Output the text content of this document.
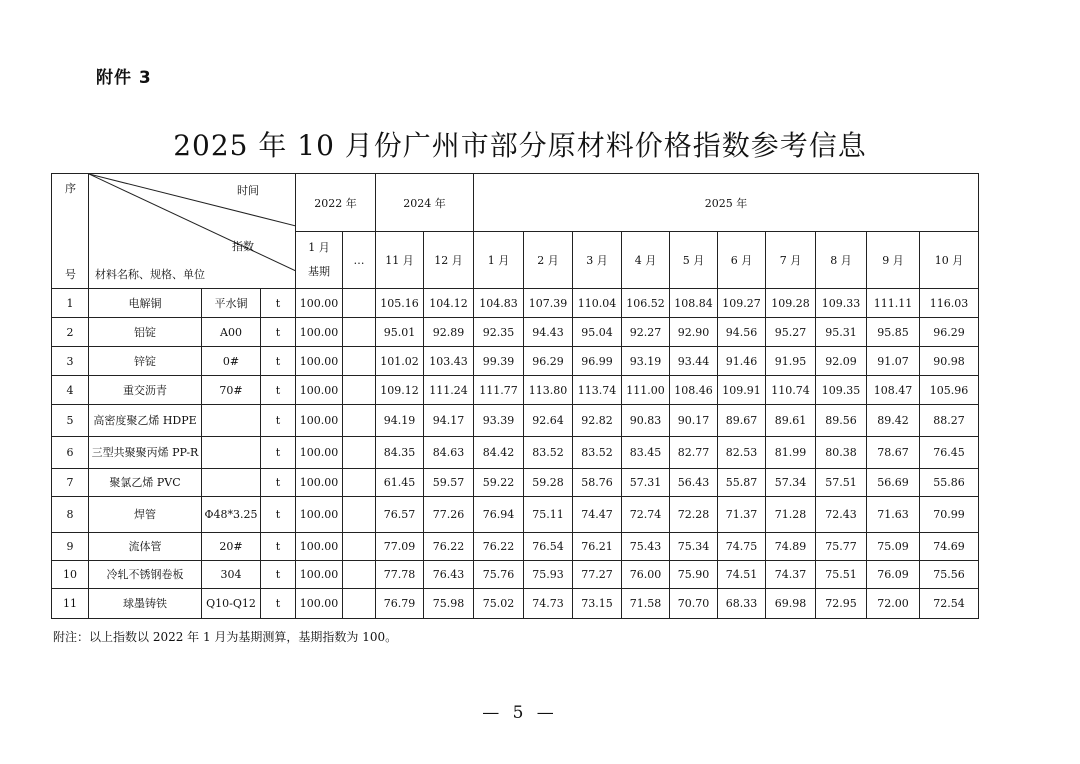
附件 3
2025 年 10 月份广州市部分原材料价格指数参考信息
序
号	时间
指数
材料名称、规格、单位			2022 年		2024 年		2025 年									
				1 月
基期	…	11 月	12 月	1 月	2 月	3 月	4 月	5 月	6 月	7 月	8 月	9 月	10 月
1	电解铜	平水铜	t	100.00		105.16	104.12	104.83	107.39	110.04	106.52	108.84	109.27	109.28	109.33	111.11	116.03
2	铝锭	A00	t	100.00		95.01	92.89	92.35	94.43	95.04	92.27	92.90	94.56	95.27	95.31	95.85	96.29
3	锌锭	0#	t	100.00		101.02	103.43	99.39	96.29	96.99	93.19	93.44	91.46	91.95	92.09	91.07	90.98
4	重交沥青	70#	t	100.00		109.12	111.24	111.77	113.80	113.74	111.00	108.46	109.91	110.74	109.35	108.47	105.96
5	高密度聚乙烯 HDPE		t	100.00		94.19	94.17	93.39	92.64	92.82	90.83	90.17	89.67	89.61	89.56	89.42	88.27
6	三型共聚聚丙烯 PP-R		t	100.00		84.35	84.63	84.42	83.52	83.52	83.45	82.77	82.53	81.99	80.38	78.67	76.45
7	聚氯乙烯 PVC		t	100.00		61.45	59.57	59.22	59.28	58.76	57.31	56.43	55.87	57.34	57.51	56.69	55.86
8	焊管	Φ48*3.25	t	100.00		76.57	77.26	76.94	75.11	74.47	72.74	72.28	71.37	71.28	72.43	71.63	70.99
9	流体管	20#	t	100.00		77.09	76.22	76.22	76.54	76.21	75.43	75.34	74.75	74.89	75.77	75.09	74.69
10	冷轧不锈钢卷板	304	t	100.00		77.78	76.43	75.76	75.93	77.27	76.00	75.90	74.51	74.37	75.51	76.09	75.56
11	球墨铸铁	Q10-Q12	t	100.00		76.79	75.98	75.02	74.73	73.15	71.58	70.70	68.33	69.98	72.95	72.00	72.54
附注：以上指数以 2022 年 1 月为基期测算，基期指数为 100。
— 5 —
